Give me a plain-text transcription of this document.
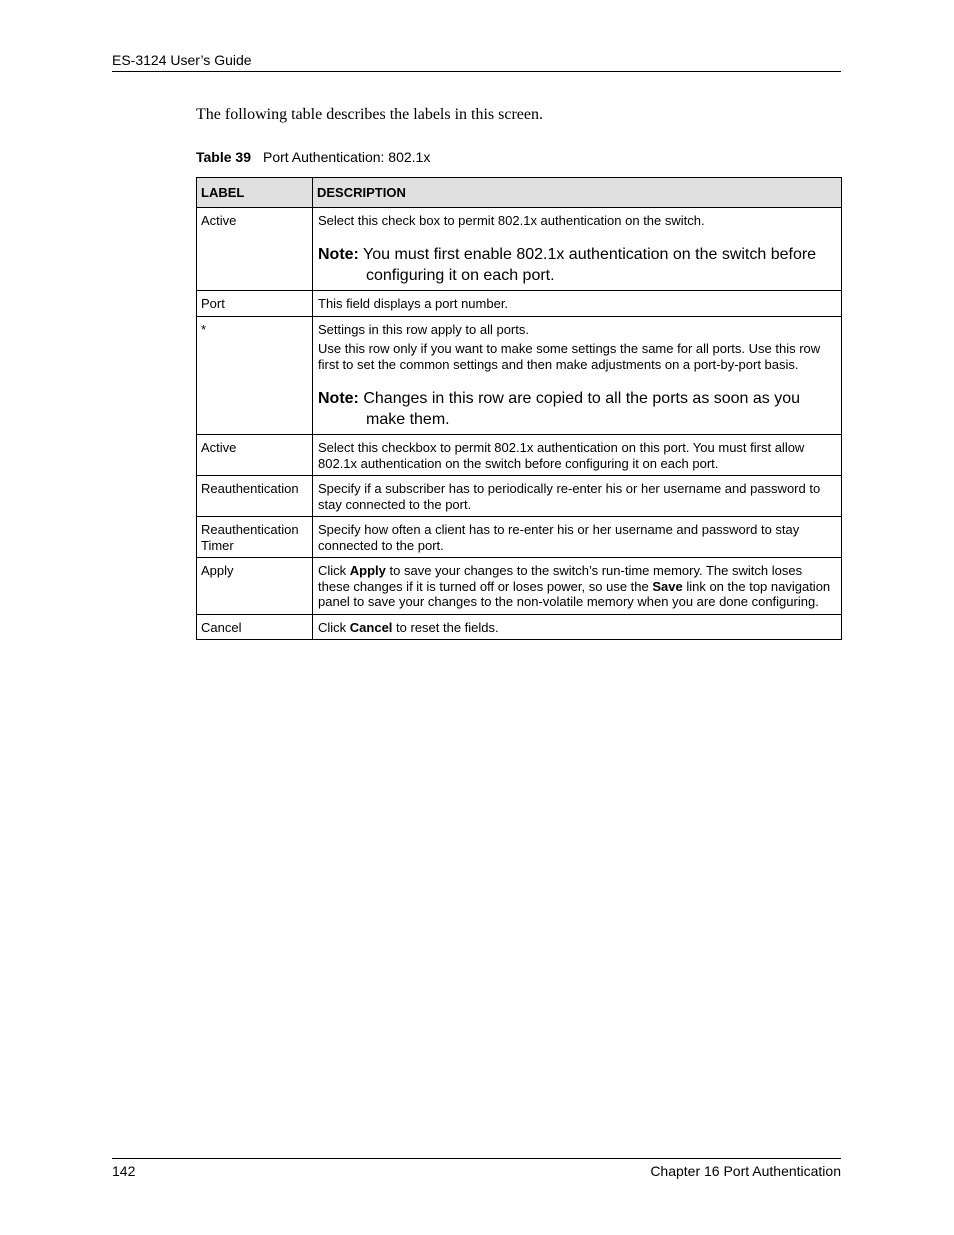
ES-3124 User’s Guide
The following table describes the labels in this screen.
Table 39 Port Authentication: 802.1x
LABEL	DESCRIPTION
Active	Select this check box to permit 802.1x authentication on the switch.
Note: You must first enable 802.1x authentication on the switch before configuring it on each port.

Port	This field displays a port number.
*	Settings in this row apply to all ports.
Use this row only if you want to make some settings the same for all ports. Use this row first to set the common settings and then make adjustments on a port-by-port basis.
Note: Changes in this row are copied to all the ports as soon as you make them.

Active	Select this checkbox to permit 802.1x authentication on this port. You must first allow 802.1x authentication on the switch before configuring it on each port.
Reauthentication	Specify if a subscriber has to periodically re-enter his or her username and password to stay connected to the port.
Reauthentication Timer	Specify how often a client has to re-enter his or her username and password to stay connected to the port.
Apply	Click Apply to save your changes to the switch’s run-time memory. The switch loses these changes if it is turned off or loses power, so use the Save link on the top navigation panel to save your changes to the non-volatile memory when you are done configuring.
Cancel	Click Cancel to reset the fields.
142	Chapter 16 Port Authentication
